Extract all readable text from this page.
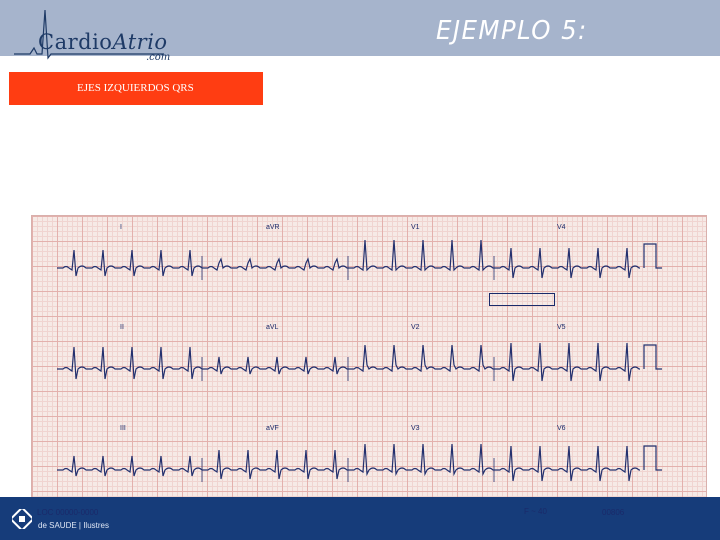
CardioAtrio
.com
EJEMPLO 5:
EJES IZQUIERDOS QRS
I	aVR	V1	V4
II	aVL	V2	V5
III	aVF	V3	V6
de SAUDE | Ilustres
LOC 00000-0000	F ~ 40	00806
